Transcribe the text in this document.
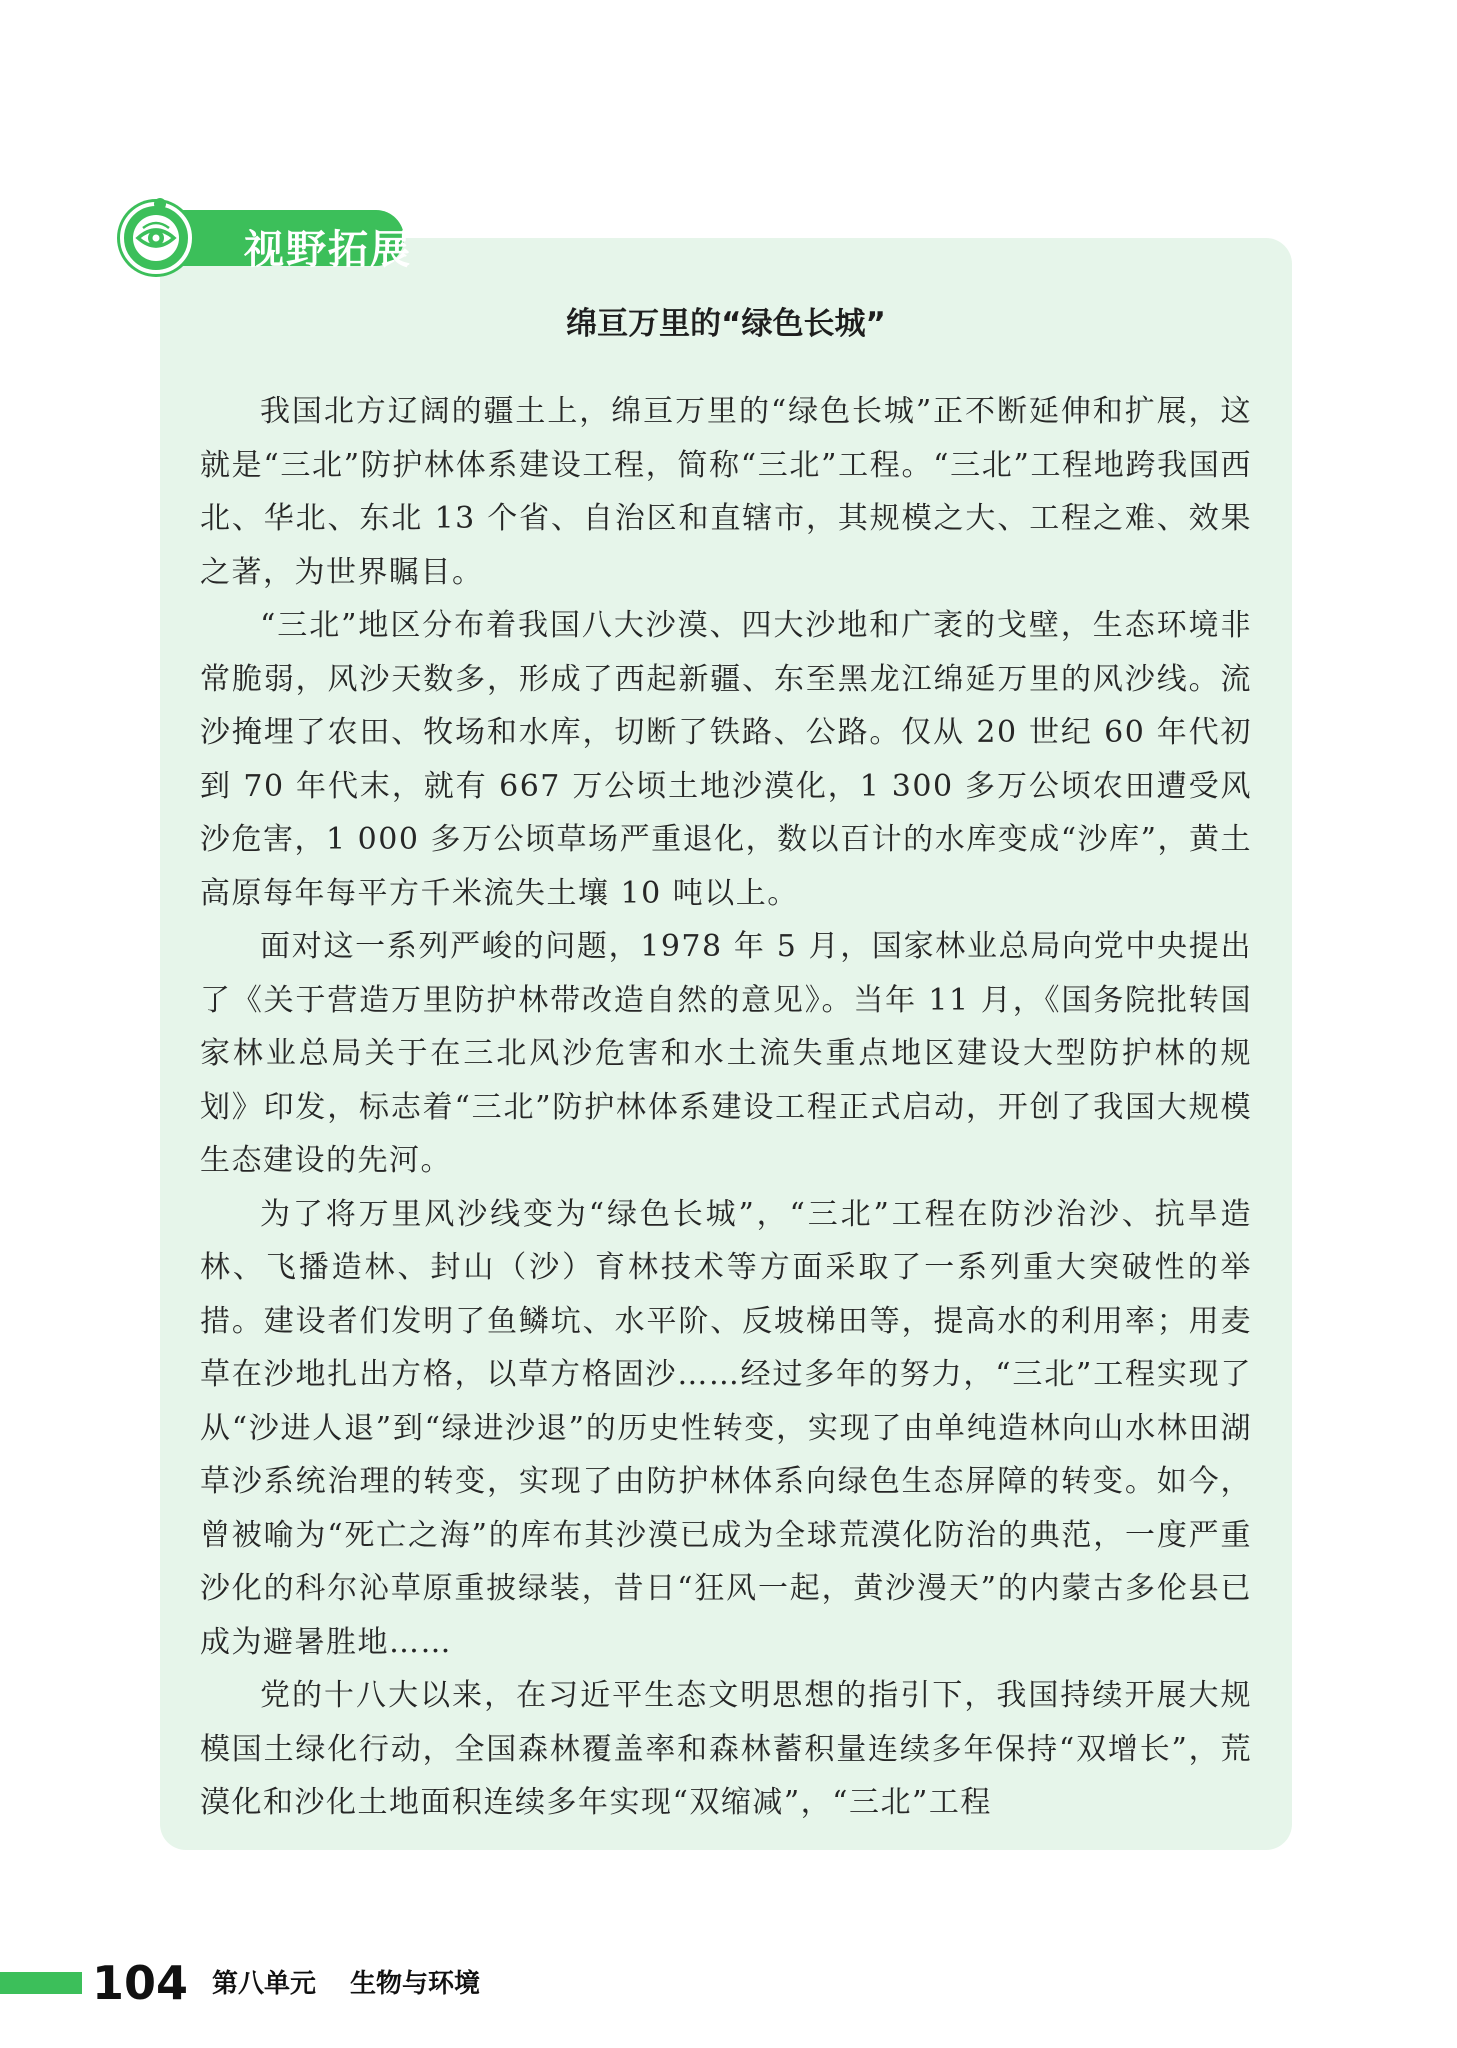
视野拓展
绵亘万里的“绿色长城”

我国北方辽阔的疆土上，绵亘万里的“绿色长城”正不断延伸和扩展，这就是“三北”防护林体系建设工程，简称“三北”工程。“三北”工程地跨我国西北、华北、东北 13 个省、自治区和直辖市，其规模之大、工程之难、效果之著，为世界瞩目。

“三北”地区分布着我国八大沙漠、四大沙地和广袤的戈壁，生态环境非常脆弱，风沙天数多，形成了西起新疆、东至黑龙江绵延万里的风沙线。流沙掩埋了农田、牧场和水库，切断了铁路、公路。仅从 20 世纪 60 年代初到 70 年代末，就有 667 万公顷土地沙漠化，1 300 多万公顷农田遭受风沙危害，1 000 多万公顷草场严重退化，数以百计的水库变成“沙库”，黄土高原每年每平方千米流失土壤 10 吨以上。

面对这一系列严峻的问题，1978 年 5 月，国家林业总局向党中央提出了《关于营造万里防护林带改造自然的意见》。当年 11 月，《国务院批转国家林业总局关于在三北风沙危害和水土流失重点地区建设大型防护林的规划》印发，标志着“三北”防护林体系建设工程正式启动，开创了我国大规模生态建设的先河。

为了将万里风沙线变为“绿色长城”，“三北”工程在防沙治沙、抗旱造林、飞播造林、封山（沙）育林技术等方面采取了一系列重大突破性的举措。建设者们发明了鱼鳞坑、水平阶、反坡梯田等，提高水的利用率；用麦草在沙地扎出方格，以草方格固沙……经过多年的努力，“三北”工程实现了从“沙进人退”到“绿进沙退”的历史性转变，实现了由单纯造林向山水林田湖草沙系统治理的转变，实现了由防护林体系向绿色生态屏障的转变。如今，曾被喻为“死亡之海”的库布其沙漠已成为全球荒漠化防治的典范，一度严重沙化的科尔沁草原重披绿装，昔日“狂风一起，黄沙漫天”的内蒙古多伦县已成为避暑胜地……

党的十八大以来，在习近平生态文明思想的指引下，我国持续开展大规模国土绿化行动，全国森林覆盖率和森林蓄积量连续多年保持“双增长”，荒漠化和沙化土地面积连续多年实现“双缩减”，“三北”工程

104 第八单元 生物与环境
